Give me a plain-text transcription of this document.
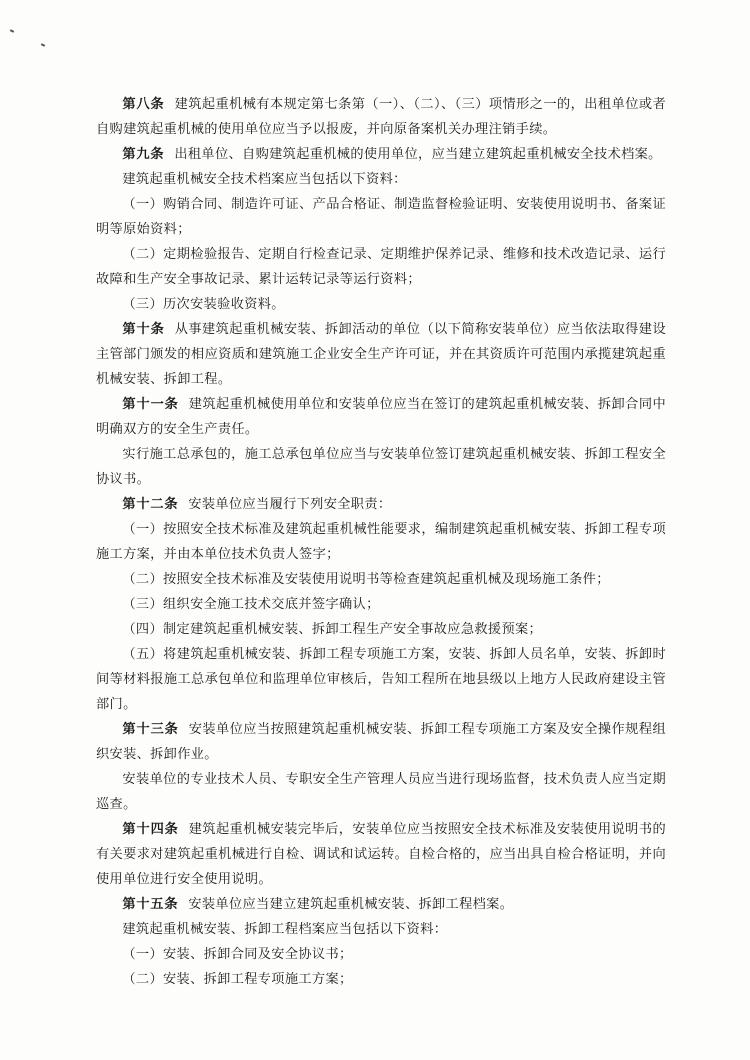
第八条 建筑起重机械有本规定第七条第（一）、（二）、（三）项情形之一的，出租单位或者自购建筑起重机械的使用单位应当予以报废，并向原备案机关办理注销手续。

第九条 出租单位、自购建筑起重机械的使用单位，应当建立建筑起重机械安全技术档案。

建筑起重机械安全技术档案应当包括以下资料：

（一）购销合同、制造许可证、产品合格证、制造监督检验证明、安装使用说明书、备案证明等原始资料；

（二）定期检验报告、定期自行检查记录、定期维护保养记录、维修和技术改造记录、运行故障和生产安全事故记录、累计运转记录等运行资料；

（三）历次安装验收资料。

第十条 从事建筑起重机械安装、拆卸活动的单位（以下简称安装单位）应当依法取得建设主管部门颁发的相应资质和建筑施工企业安全生产许可证，并在其资质许可范围内承揽建筑起重机械安装、拆卸工程。

第十一条 建筑起重机械使用单位和安装单位应当在签订的建筑起重机械安装、拆卸合同中明确双方的安全生产责任。

实行施工总承包的，施工总承包单位应当与安装单位签订建筑起重机械安装、拆卸工程安全协议书。

第十二条 安装单位应当履行下列安全职责：

（一）按照安全技术标准及建筑起重机械性能要求，编制建筑起重机械安装、拆卸工程专项施工方案，并由本单位技术负责人签字；

（二）按照安全技术标准及安装使用说明书等检查建筑起重机械及现场施工条件；

（三）组织安全施工技术交底并签字确认；

（四）制定建筑起重机械安装、拆卸工程生产安全事故应急救援预案；

（五）将建筑起重机械安装、拆卸工程专项施工方案，安装、拆卸人员名单，安装、拆卸时间等材料报施工总承包单位和监理单位审核后，告知工程所在地县级以上地方人民政府建设主管部门。

第十三条 安装单位应当按照建筑起重机械安装、拆卸工程专项施工方案及安全操作规程组织安装、拆卸作业。

安装单位的专业技术人员、专职安全生产管理人员应当进行现场监督，技术负责人应当定期巡查。

第十四条 建筑起重机械安装完毕后，安装单位应当按照安全技术标准及安装使用说明书的有关要求对建筑起重机械进行自检、调试和试运转。自检合格的，应当出具自检合格证明，并向使用单位进行安全使用说明。

第十五条 安装单位应当建立建筑起重机械安装、拆卸工程档案。

建筑起重机械安装、拆卸工程档案应当包括以下资料：

（一）安装、拆卸合同及安全协议书；

（二）安装、拆卸工程专项施工方案；
